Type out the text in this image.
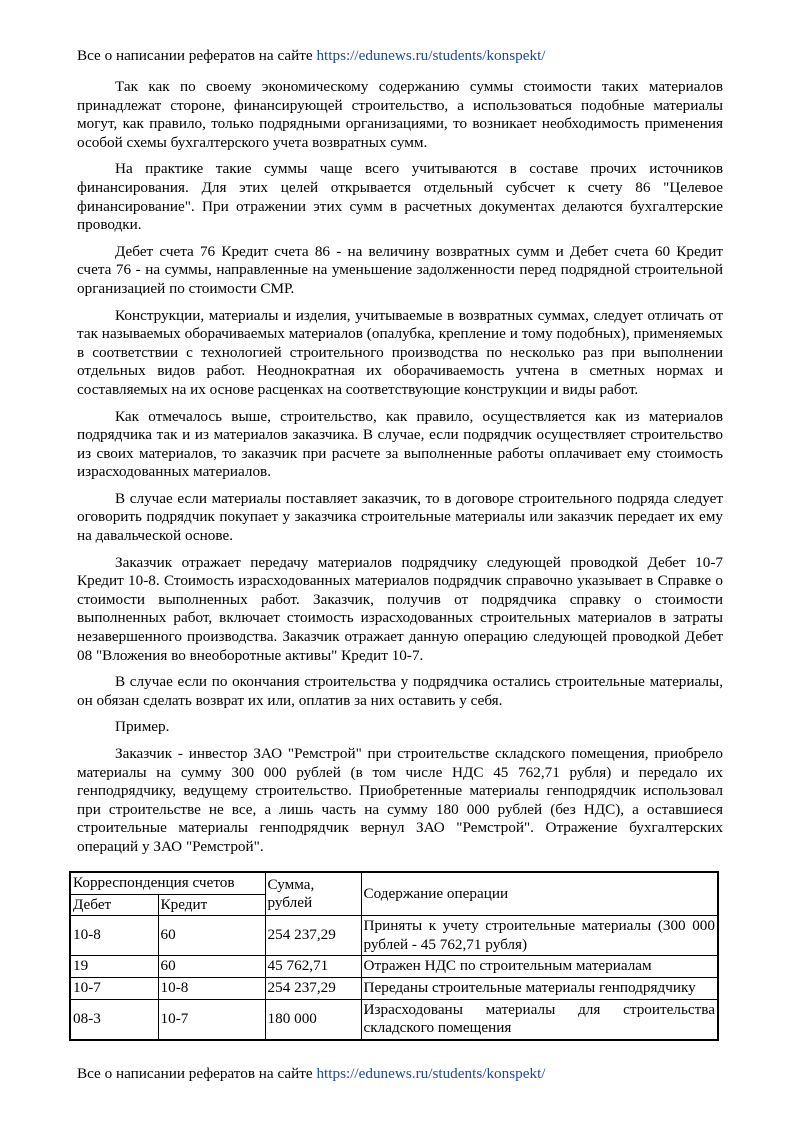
Все о написании рефератов на сайте https://edunews.ru/students/konspekt/

Так как по своему экономическому содержанию суммы стоимости таких материалов принадлежат стороне, финансирующей строительство, а использоваться подобные материалы могут, как правило, только подрядными организациями, то возникает необходимость применения особой схемы бухгалтерского учета возвратных сумм.

На практике такие суммы чаще всего учитываются в составе прочих источников финансирования. Для этих целей открывается отдельный субсчет к счету 86 "Целевое финансирование". При отражении этих сумм в расчетных документах делаются бухгалтерские проводки.

Дебет счета 76 Кредит счета 86 - на величину возвратных сумм и Дебет счета 60 Кредит счета 76 - на суммы, направленные на уменьшение задолженности перед подрядной строительной организацией по стоимости СМР.

Конструкции, материалы и изделия, учитываемые в возвратных суммах, следует отличать от так называемых оборачиваемых материалов (опалубка, крепление и тому подобных), применяемых в соответствии с технологией строительного производства по несколько раз при выполнении отдельных видов работ. Неоднократная их оборачиваемость учтена в сметных нормах и составляемых на их основе расценках на соответствующие конструкции и виды работ.

Как отмечалось выше, строительство, как правило, осуществляется как из материалов подрядчика так и из материалов заказчика. В случае, если подрядчик осуществляет строительство из своих материалов, то заказчик при расчете за выполненные работы оплачивает ему стоимость израсходованных материалов.

В случае если материалы поставляет заказчик, то в договоре строительного подряда следует оговорить подрядчик покупает у заказчика строительные материалы или заказчик передает их ему на давальческой основе.

Заказчик отражает передачу материалов подрядчику следующей проводкой Дебет 10-7 Кредит 10-8. Стоимость израсходованных материалов подрядчик справочно указывает в Справке о стоимости выполненных работ. Заказчик, получив от подрядчика справку о стоимости выполненных работ, включает стоимость израсходованных строительных материалов в затраты незавершенного производства. Заказчик отражает данную операцию следующей проводкой Дебет 08 "Вложения во внеоборотные активы" Кредит 10-7.

В случае если по окончания строительства у подрядчика остались строительные материалы, он обязан сделать возврат их или, оплатив за них оставить у себя.

Пример.

Заказчик - инвестор ЗАО "Ремстрой" при строительстве складского помещения, приобрело материалы на сумму 300 000 рублей (в том числе НДС 45 762,71 рубля) и передало их генподрядчику, ведущему строительство. Приобретенные материалы генподрядчик использовал при строительстве не все, а лишь часть на сумму 180 000 рублей (без НДС), а оставшиеся строительные материалы генподрядчик вернул ЗАО "Ремстрой". Отражение бухгалтерских операций у ЗАО "Ремстрой".

Корреспонденция счетов		Сумма, рублей	Содержание операции
Дебет	Кредит		
10-8	60	254 237,29	Приняты к учету строительные материалы (300 000 рублей - 45 762,71 рубля)
19	60	45 762,71	Отражен НДС по строительным материалам
10-7	10-8	254 237,29	Переданы строительные материалы генподрядчику
08-3	10-7	180 000	Израсходованы материалы для строительства складского помещения
Все о написании рефератов на сайте https://edunews.ru/students/konspekt/
